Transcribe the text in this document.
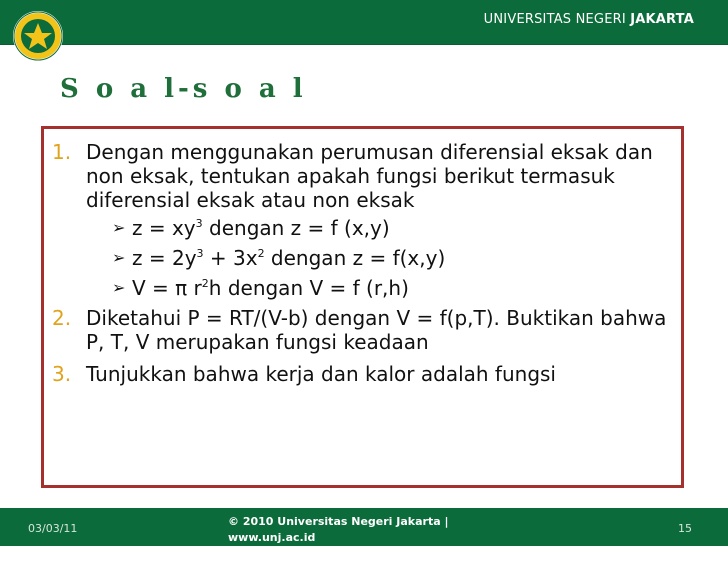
UNIVERSITAS NEGERI JAKARTA
S o a l-s o a l
1. Dengan menggunakan perumusan diferensial eksak dan non eksak, tentukan apakah fungsi berikut termasuk diferensial eksak atau non eksak
➢ $z = xy^3$ dengan z = f (x,y)
➢ $z = 2y^3 + 3x^2$ dengan z = f(x,y)
➢ V = π $r^2h$ dengan V = f (r,h)
2. Diketahui P = RT/(V-b) dengan V = f(p,T). Buktikan bahwa P, T, V merupakan fungsi keadaan
3. Tunjukkan bahwa kerja dan kalor adalah fungsi
03/03/11
© 2010 Universitas Negeri Jakarta | www.unj.ac.id
|
15
